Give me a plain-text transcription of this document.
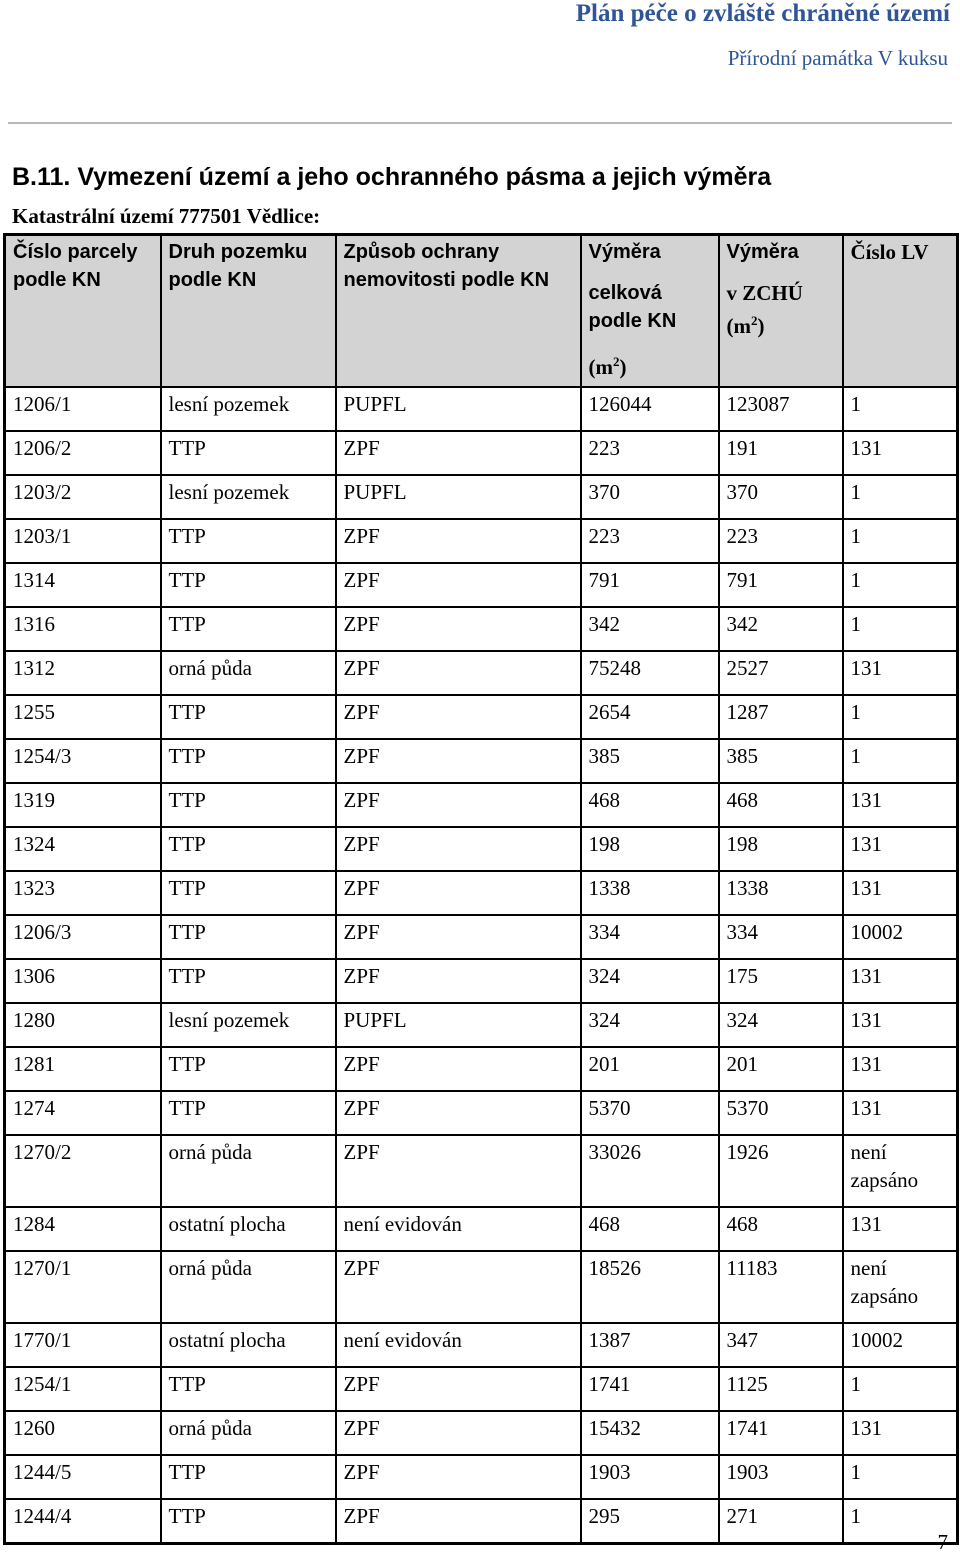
Plán péče o zvláště chráněné území
Přírodní památka V kuksu
B.11. Vymezení území a jeho ochranného pásma a jejich výměra
Katastrální území 777501 Vědlice:
Číslo parcely podle KN	Druh pozemku podle KN	Způsob ochrany nemovitosti podle KN	Výměra
celková podle KN
$(m^2)$	Výměra
v ZCHÚ
$(m^2)$	Číslo LV
1206/1	lesní pozemek	PUPFL	126044	123087	1
1206/2	TTP	ZPF	223	191	131
1203/2	lesní pozemek	PUPFL	370	370	1
1203/1	TTP	ZPF	223	223	1
1314	TTP	ZPF	791	791	1
1316	TTP	ZPF	342	342	1
1312	orná půda	ZPF	75248	2527	131
1255	TTP	ZPF	2654	1287	1
1254/3	TTP	ZPF	385	385	1
1319	TTP	ZPF	468	468	131
1324	TTP	ZPF	198	198	131
1323	TTP	ZPF	1338	1338	131
1206/3	TTP	ZPF	334	334	10002
1306	TTP	ZPF	324	175	131
1280	lesní pozemek	PUPFL	324	324	131
1281	TTP	ZPF	201	201	131
1274	TTP	ZPF	5370	5370	131
1270/2	orná půda	ZPF	33026	1926	není zapsáno
1284	ostatní plocha	není evidován	468	468	131
1270/1	orná půda	ZPF	18526	11183	není zapsáno
1770/1	ostatní plocha	není evidován	1387	347	10002
1254/1	TTP	ZPF	1741	1125	1
1260	orná půda	ZPF	15432	1741	131
1244/5	TTP	ZPF	1903	1903	1
1244/4	TTP	ZPF	295	271	1
7
